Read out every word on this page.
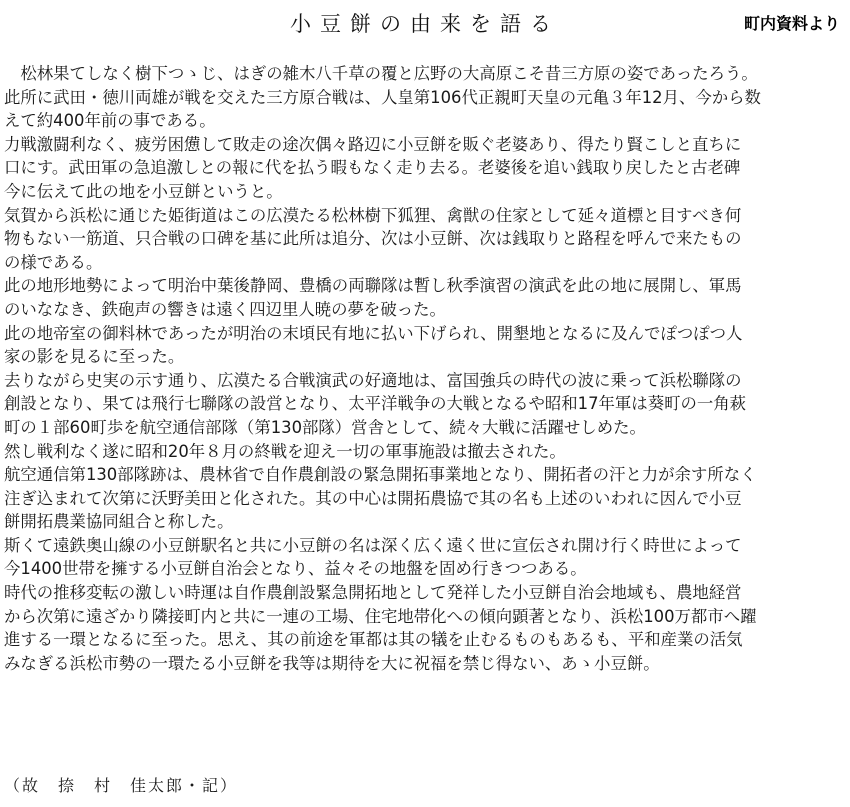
小豆餅の由来を語る	町内資料より
　松林果てしなく樹下つゝじ、はぎの雑木八千草の覆と広野の大高原こそ昔三方原の姿であったろう。
此所に武田・徳川両雄が戦を交えた三方原合戦は、人皇第106代正親町天皇の元亀３年12月、今から数
えて約400年前の事である。
力戦激闘利なく、疲労困憊して敗走の途次偶々路辺に小豆餅を販ぐ老婆あり、得たり賢こしと直ちに
口にす。武田軍の急追激しとの報に代を払う暇もなく走り去る。老婆後を追い銭取り戻したと古老碑
今に伝えて此の地を小豆餅というと。
気賀から浜松に通じた姫街道はこの広漠たる松林樹下狐狸、禽獣の住家として延々道標と目すべき何
物もない一筋道、只合戦の口碑を基に此所は追分、次は小豆餅、次は銭取りと路程を呼んで来たもの
の様である。
此の地形地勢によって明治中葉後静岡、豊橋の両聯隊は暫し秋季演習の演武を此の地に展開し、軍馬
のいななき、鉄砲声の響きは遠く四辺里人暁の夢を破った。
此の地帝室の御料林であったが明治の末頃民有地に払い下げられ、開墾地となるに及んでぽつぽつ人
家の影を見るに至った。
去りながら史実の示す通り、広漠たる合戦演武の好適地は、富国強兵の時代の波に乗って浜松聯隊の
創設となり、果ては飛行七聯隊の設営となり、太平洋戦争の大戦となるや昭和17年軍は葵町の一角萩
町の１部60町歩を航空通信部隊（第130部隊）営舎として、続々大戦に活躍せしめた。
然し戦利なく遂に昭和20年８月の終戦を迎え一切の軍事施設は撤去された。
航空通信第130部隊跡は、農林省で自作農創設の緊急開拓事業地となり、開拓者の汗と力が余す所なく
注ぎ込まれて次第に沃野美田と化された。其の中心は開拓農協で其の名も上述のいわれに因んで小豆
餅開拓農業協同組合と称した。
斯くて遠鉄奥山線の小豆餅駅名と共に小豆餅の名は深く広く遠く世に宣伝され開け行く時世によって
今1400世帯を擁する小豆餅自治会となり、益々その地盤を固め行きつつある。
時代の推移変転の激しい時運は自作農創設緊急開拓地として発祥した小豆餅自治会地域も、農地経営
から次第に遠ざかり隣接町内と共に一連の工場、住宅地帯化への傾向顕著となり、浜松100万都市へ躍
進する一環となるに至った。思え、其の前途を軍都は其の犠を止むるものもあるも、平和産業の活気
みなぎる浜松市勢の一環たる小豆餅を我等は期待を大に祝福を禁じ得ない、あゝ小豆餅。
（故　捺　村　佳太郎・記）
